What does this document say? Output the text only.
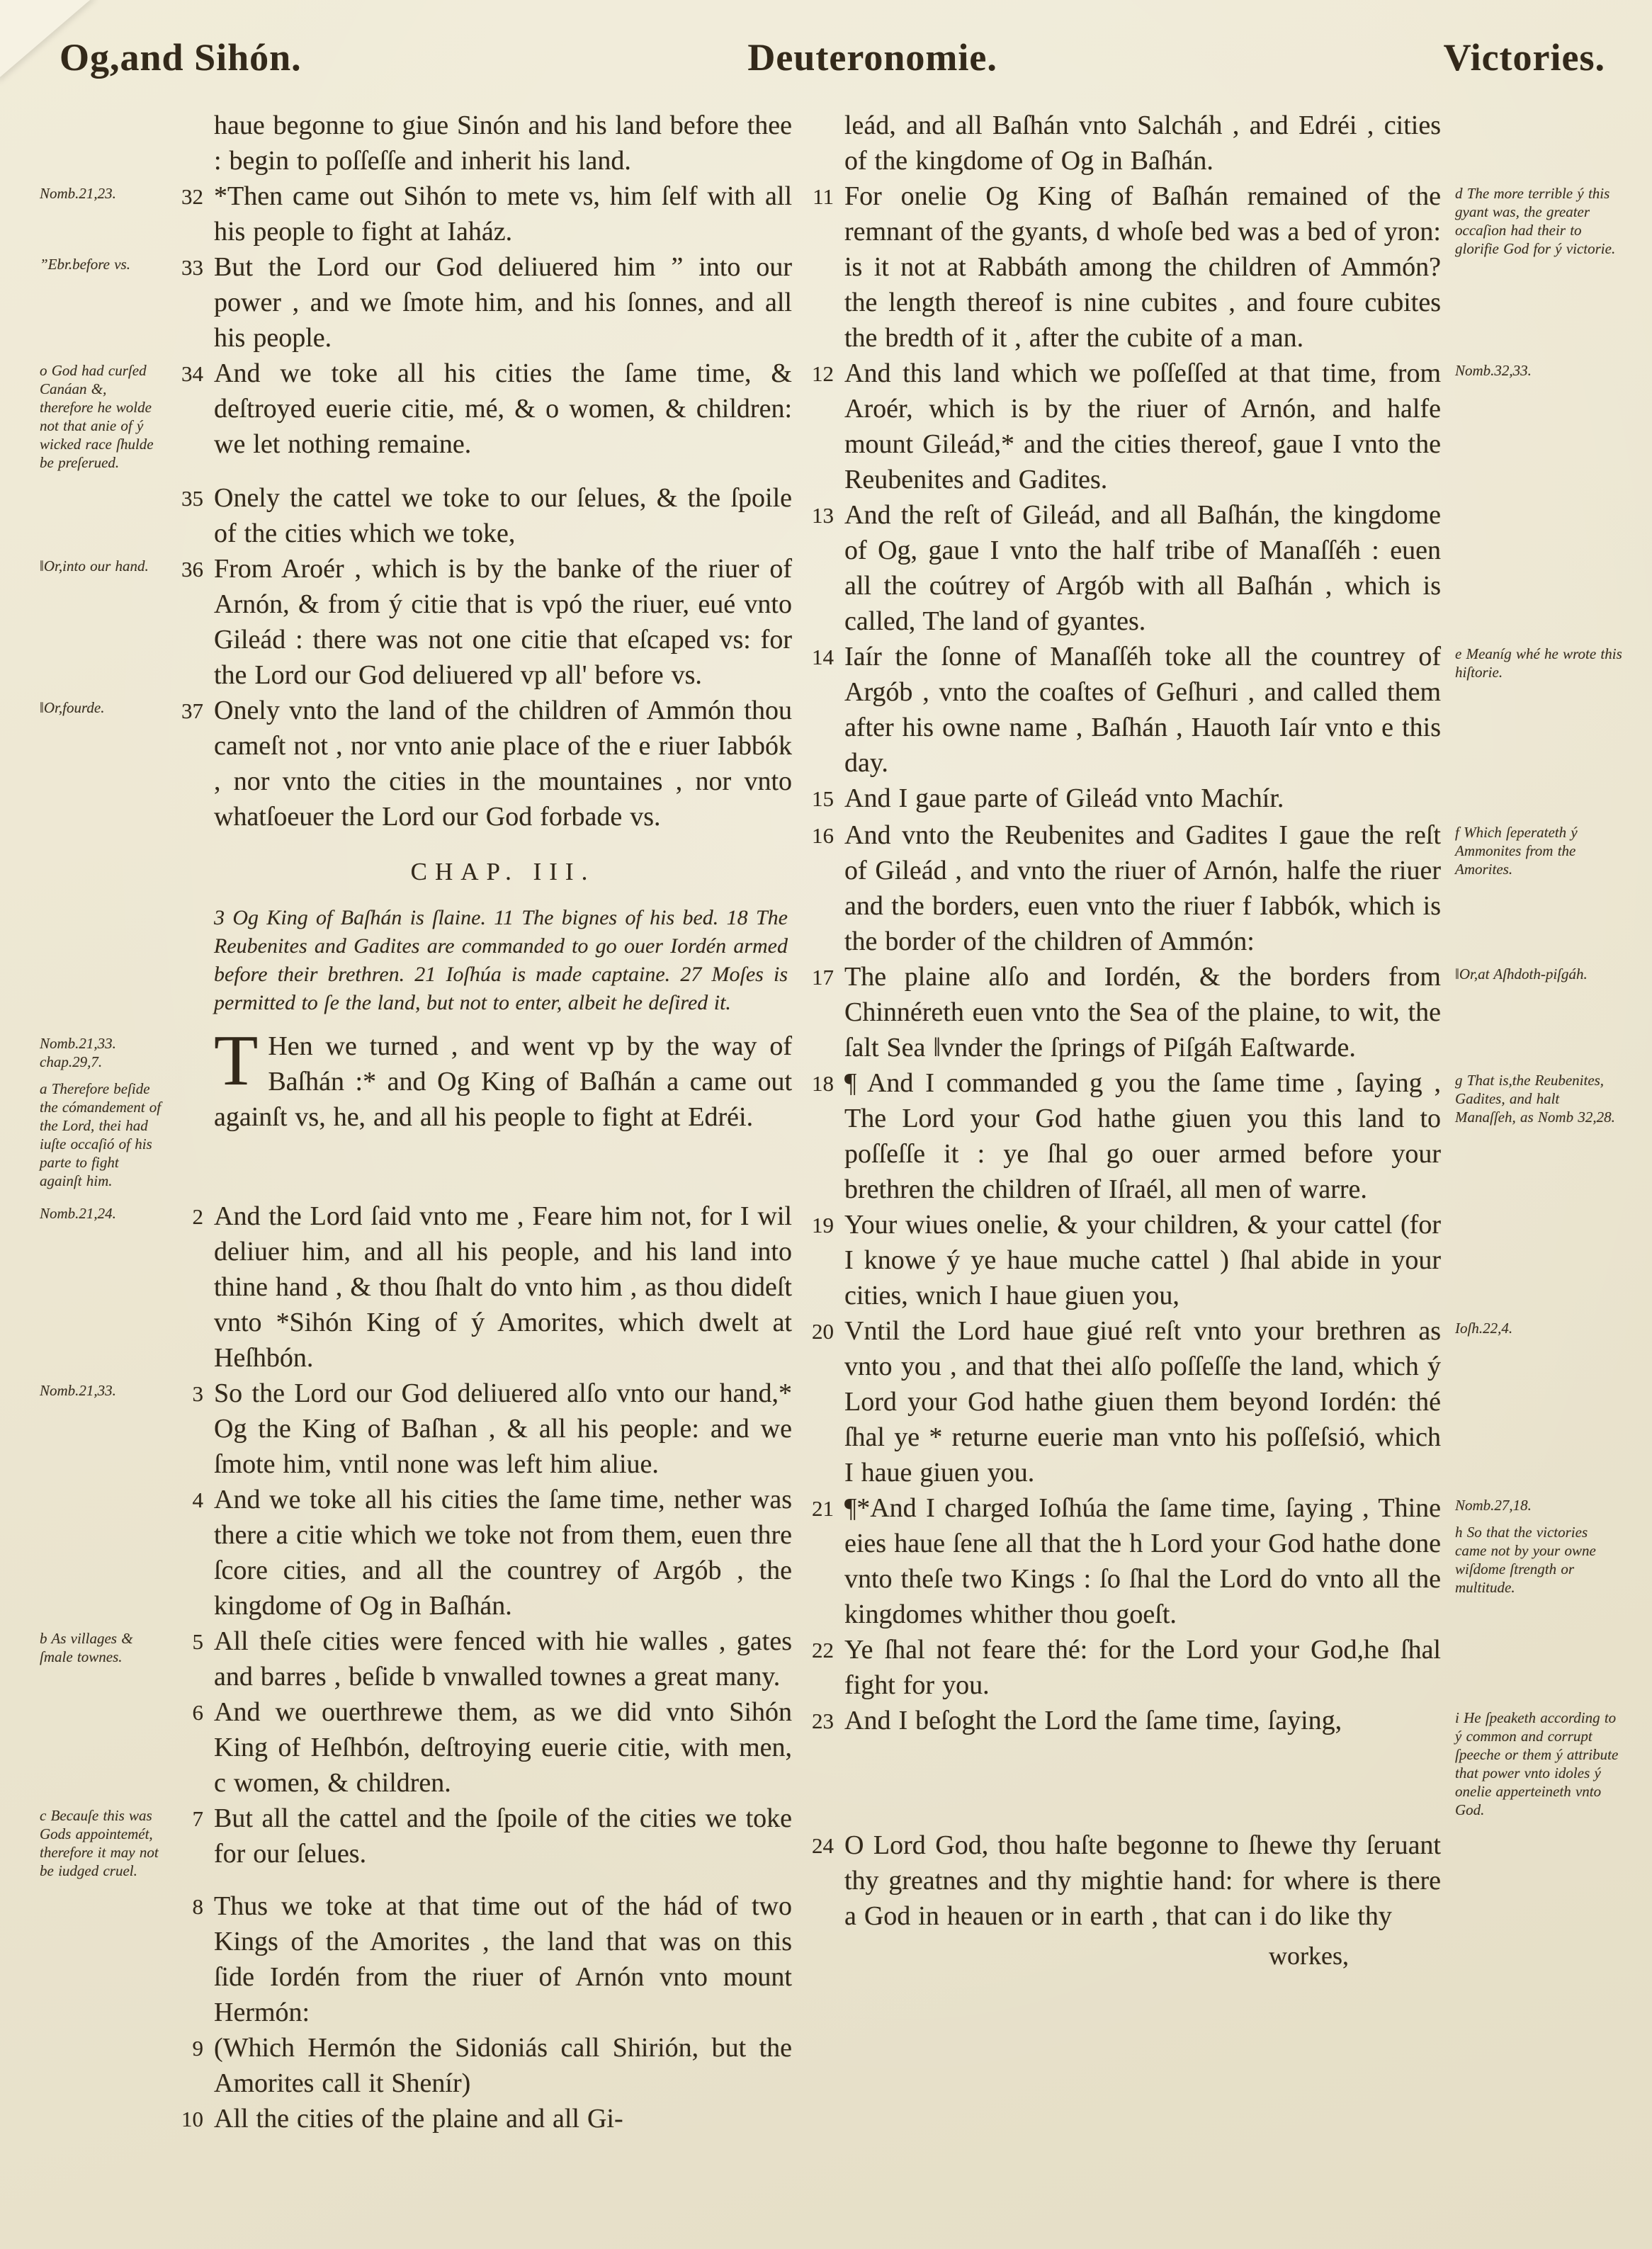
Og,and Sihón.	Deuteronomie.	Victories.
haue begonne to giue Sinón and his land before thee : begin to poſſeſſe and inherit his land.
Nomb.21,23.	32 *Then came out Sihón to mete vs, him ſelf with all his people to fight at Iaház.
”Ebr.before vs.	33 But the Lord our God deliuered him ” into our power , and we ſmote him, and his ſonnes, and all his people.
o God had curſed Canáan &, therefore he wolde not that anie of ý wicked race ſhulde be preſerued.
34 And we toke all his cities the ſame time, & deſtroyed euerie citie, mé, & o women, & children: we let nothing remaine.
35 Onely the cattel we toke to our ſelues, & the ſpoile of the cities which we toke,
‖Or,into our hand.	36 From Aroér , which is by the banke of the riuer of Arnón, & from ý citie that is vpó the riuer, eué vnto Gileád : there was not one citie that eſcaped vs: for the Lord our God deliuered vp all' before vs.
‖Or,fourde.	37 Onely vnto the land of the children of Ammón thou cameſt not , nor vnto anie place of the e riuer Iabbók , nor vnto the cities in the mountaines , nor vnto whatſoeuer the Lord our God forbade vs.
CHAP. III.
3 Og King of Baſhán is ſlaine. 11 The bignes of his bed. 18 The Reubenites and Gadites are commanded to go ouer Iordén armed before their brethren. 21 Ioſhúa is made captaine. 27 Moſes is permitted to ſe the land, but not to enter, albeit he deſired it.
Nomb.21,33. chap.29,7.
a Therefore beſide the cómandement of the Lord, thei had iuſte occaſió of his parte to fight againſt him.
T Hen we turned , and went vp by the way of Baſhán :* and Og King of Baſhán a came out againſt vs, he, and all his people to fight at Edréi.
Nomb.21,24.	2 And the Lord ſaid vnto me , Feare him not, for I wil deliuer him, and all his people, and his land into thine hand , & thou ſhalt do vnto him , as thou dideſt vnto *Sihón King of ý Amorites, which dwelt at Heſhbón.
Nomb.21,33.	3 So the Lord our God deliuered alſo vnto our hand,* Og the King of Baſhan , & all his people: and we ſmote him, vntil none was left him aliue.
4 And we toke all his cities the ſame time, nether was there a citie which we toke not from them, euen thre ſcore cities, and all the countrey of Argób , the kingdome of Og in Baſhán.
b As villages & ſmale townes.
5 All theſe cities were fenced with hie walles , gates and barres , beſide b vnwalled townes a great many.
6 And we ouerthrewe them, as we did vnto Sihón King of Heſhbón, deſtroying euerie citie, with men, c women, & children.
c Becauſe this was Gods appointemét, therefore it may not be iudged cruel.
7 But all the cattel and the ſpoile of the cities we toke for our ſelues.
8 Thus we toke at that time out of the hád of two Kings of the Amorites , the land that was on this ſide Iordén from the riuer of Arnón vnto mount Hermón:
9 (Which Hermón the Sidoniás call Shirión, but the Amorites call it Shenír)
10 All the cities of the plaine and all Gi-
leád, and all Baſhán vnto Salcháh , and Edréi , cities of the kingdome of Og in Baſhán.
11 For onelie Og King of Baſhán remained of the remnant of the gyants, d whoſe bed was a bed of yron: is it not at Rabbáth among the children of Ammón? the length thereof is nine cubites , and foure cubites the bredth of it , after the cubite of a man.
d The more terrible ý this gyant was, the greater occaſion had their to glorifie God for ý victorie.
12 And this land which we poſſeſſed at that time, from Aroér, which is by the riuer of Arnón, and halfe mount Gileád,* and the cities thereof, gaue I vnto the Reubenites and Gadites.
Nomb.32,33.
13 And the reſt of Gileád, and all Baſhán, the kingdome of Og, gaue I vnto the half tribe of Manaſſéh : euen all the coútrey of Argób with all Baſhán , which is called, The land of gyantes.
14 Iaír the ſonne of Manaſſéh toke all the countrey of Argób , vnto the coaſtes of Geſhuri , and called them after his owne name , Baſhán , Hauoth Iaír vnto e this day.
e Meaníg whé he wrote this hiſtorie.
15 And I gaue parte of Gileád vnto Machír.
16 And vnto the Reubenites and Gadites I gaue the reſt of Gileád , and vnto the riuer of Arnón, halfe the riuer and the borders, euen vnto the riuer f Iabbók, which is the border of the children of Ammón:
f Which ſeperateth ý Ammonites from the Amorites.
17 The plaine alſo and Iordén, & the borders from Chinnéreth euen vnto the Sea of the plaine, to wit, the ſalt Sea ‖vnder the ſprings of Piſgáh Eaſtwarde.
‖Or,at Aſhdoth-piſgáh.
18 ¶ And I commanded g you the ſame time , ſaying , The Lord your God hathe giuen you this land to poſſeſſe it : ye ſhal go ouer armed before your brethren the children of Iſraél, all men of warre.
g That is,the Reubenites, Gadites, and halt Manaſſeh, as Nomb 32,28.
19 Your wiues onelie, & your children, & your cattel (for I knowe ý ye haue muche cattel ) ſhal abide in your cities, wnich I haue giuen you,
20 Vntil the Lord haue giué reſt vnto your brethren as vnto you , and that thei alſo poſſeſſe the land, which ý Lord your God hathe giuen them beyond Iordén: thé ſhal ye * returne euerie man vnto his poſſeſsió, which I haue giuen you.
Ioſh.22,4.
21 ¶*And I charged Ioſhúa the ſame time, ſaying , Thine eies haue ſene all that the h Lord your God hathe done vnto theſe two Kings : ſo ſhal the Lord do vnto all the kingdomes whither thou goeſt.
Nomb.27,18.
h So that the victories came not by your owne wiſdome ſtrength or multitude.
22 Ye ſhal not feare thé: for the Lord your God,he ſhal fight for you.
23 And I beſoght the Lord the ſame time, ſaying,	i He ſpeaketh according to ý common and corrupt ſpeeche or them ý attribute that power vnto idoles ý onelie apperteineth vnto God.
24 O Lord God, thou haſte begonne to ſhewe thy ſeruant thy greatnes and thy mightie hand: for where is there a God in heauen or in earth , that can i do like thy
workes,
